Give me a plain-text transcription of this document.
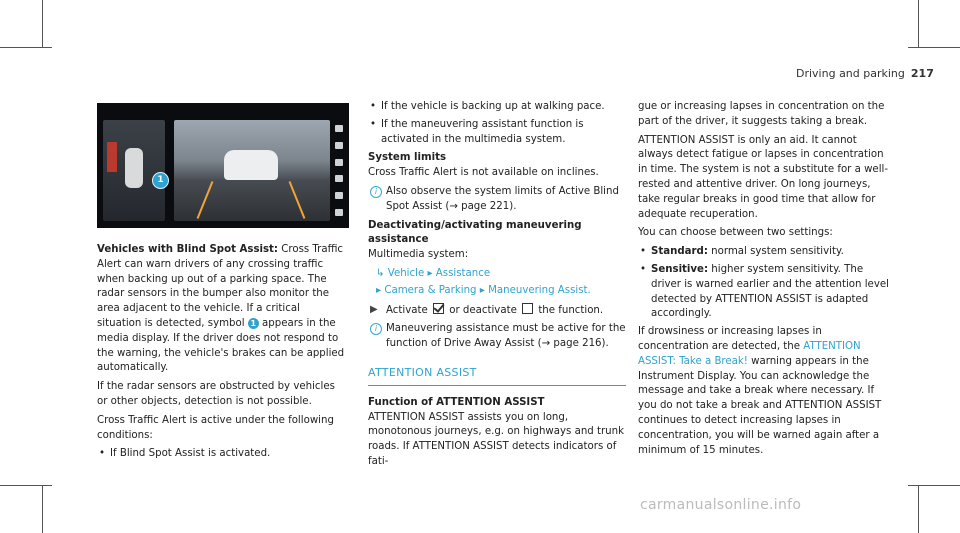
Driving and parking 217
1

Vehicles with Blind Spot Assist: Cross Traffic Alert can warn drivers of any crossing traffic when backing up out of a parking space. The radar sensors in the bumper also monitor the area adjacent to the vehicle. If a critical situation is detected, symbol 1 appears in the media display. If the driver does not respond to the warning, the vehicle's brakes can be applied automatically.

If the radar sensors are obstructed by vehicles or other objects, detection is not possible.

Cross Traffic Alert is active under the following conditions:

• If Blind Spot Assist is activated.
• If the vehicle is backing up at walking pace.
• If the maneuvering assistant function is activated in the multimedia system.

System limits

Cross Traffic Alert is not available on inclines.

i Also observe the system limits of Active Blind Spot Assist (→ page 221).

Deactivating/activating maneuvering assistance

Multimedia system:

↳ Vehicle ▸ Assistance

▸ Camera & Parking ▸ Maneuvering Assist.

▶ Activate  or deactivate  the function.
i Maneuvering assistance must be active for the function of Drive Away Assist (→ page 216).
ATTENTION ASSIST

Function of ATTENTION ASSIST

ATTENTION ASSIST assists you on long, monotonous journeys, e.g. on highways and trunk roads. If ATTENTION ASSIST detects indicators of fati-

gue or increasing lapses in concentration on the part of the driver, it suggests taking a break.

ATTENTION ASSIST is only an aid. It cannot always detect fatigue or lapses in concentration in time. The system is not a substitute for a well-rested and attentive driver. On long journeys, take regular breaks in good time that allow for adequate recuperation.

You can choose between two settings:

• Standard: normal system sensitivity.
• Sensitive: higher system sensitivity. The driver is warned earlier and the attention level detected by ATTENTION ASSIST is adapted accordingly.

If drowsiness or increasing lapses in concentration are detected, the ATTENTION ASSIST: Take a Break! warning appears in the Instrument Display. You can acknowledge the message and take a break where necessary. If you do not take a break and ATTENTION ASSIST continues to detect increasing lapses in concentration, you will be warned again after a minimum of 15 minutes.

carmanualsonline.info
